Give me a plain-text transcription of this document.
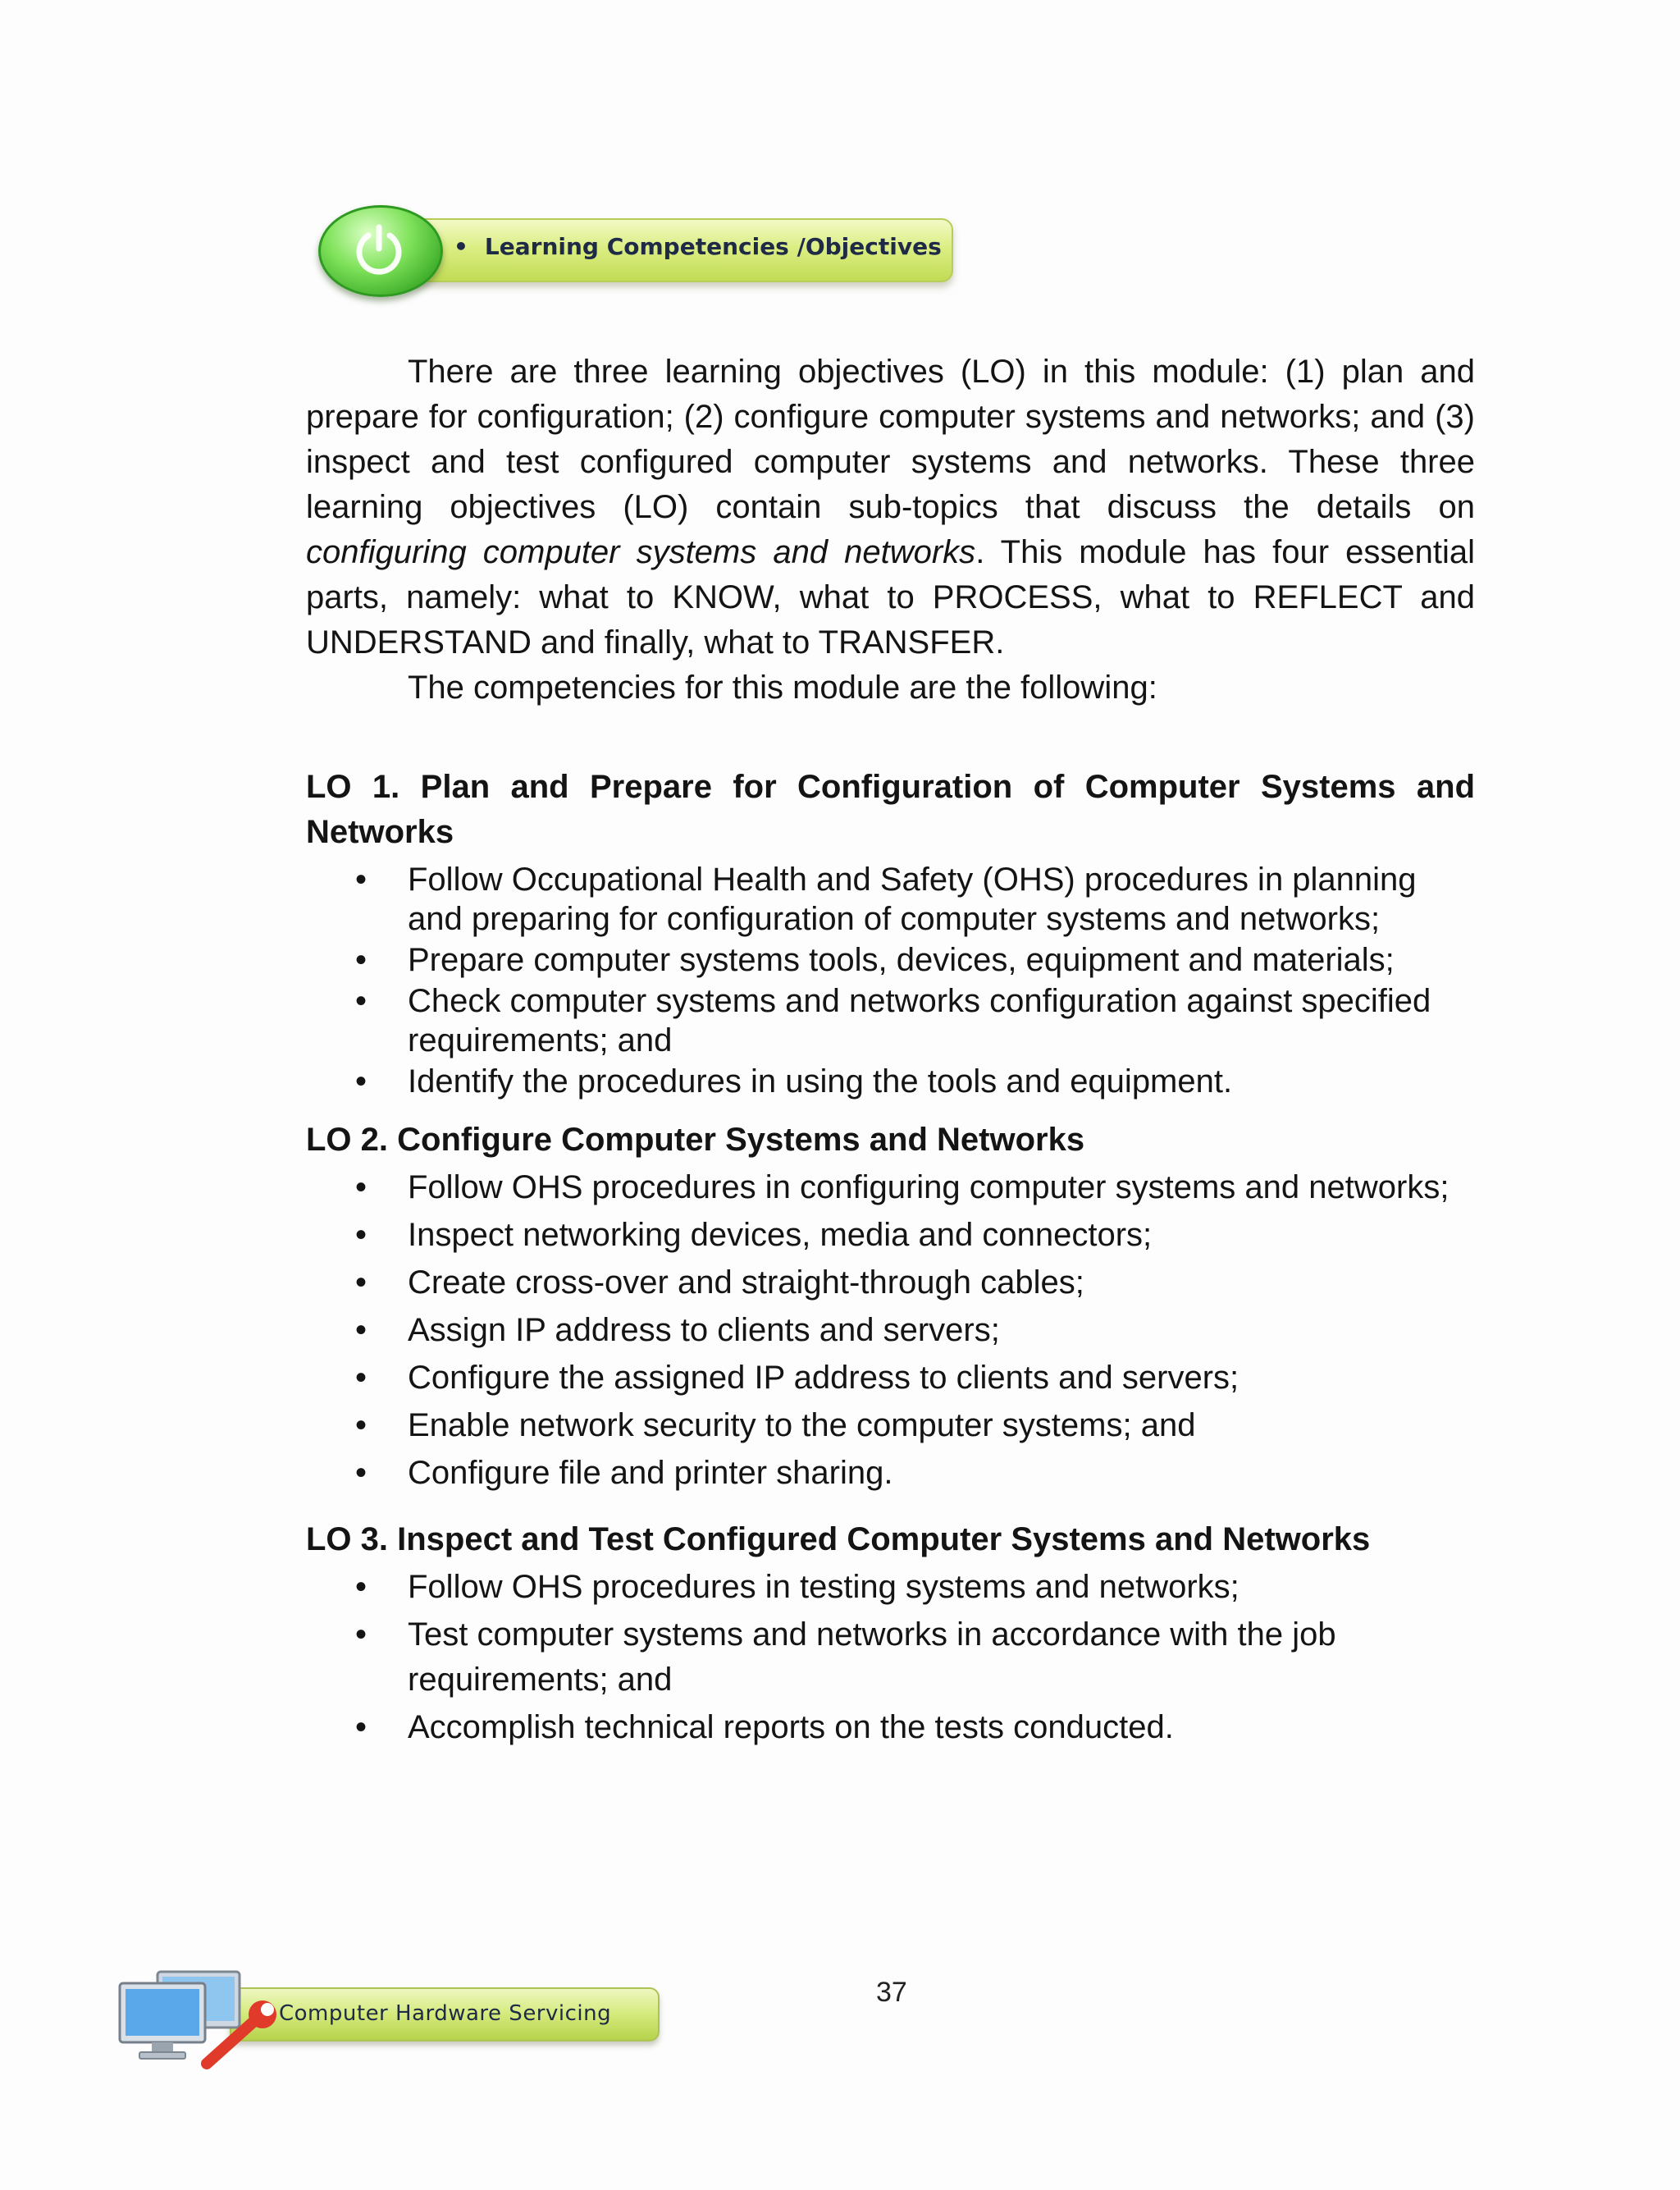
• Learning Competencies /Objectives

There are three learning objectives (LO) in this module: (1) plan and prepare for configuration; (2) configure computer systems and networks; and (3) inspect and test configured computer systems and networks. These three learning objectives (LO) contain sub-topics that discuss the details on configuring computer systems and networks. This module has four essential parts, namely: what to KNOW, what to PROCESS, what to REFLECT and UNDERSTAND and finally, what to TRANSFER.

The competencies for this module are the following:

LO 1. Plan and Prepare for Configuration of Computer Systems and Networks

• Follow Occupational Health and Safety (OHS) procedures in planning and preparing for configuration of computer systems and networks;
• Prepare computer systems tools, devices, equipment and materials;
• Check computer systems and networks configuration against specified requirements; and
• Identify the procedures in using the tools and equipment.

LO 2. Configure Computer Systems and Networks

• Follow OHS procedures in configuring computer systems and networks;
• Inspect networking devices, media and connectors;
• Create cross-over and straight-through cables;
• Assign IP address to clients and servers;
• Configure the assigned IP address to clients and servers;
• Enable network security to the computer systems; and
• Configure file and printer sharing.

LO 3. Inspect and Test Configured Computer Systems and Networks

• Follow OHS procedures in testing systems and networks;
• Test computer systems and networks in accordance with the job requirements; and
• Accomplish technical reports on the tests conducted.
37
Computer Hardware Servicing
